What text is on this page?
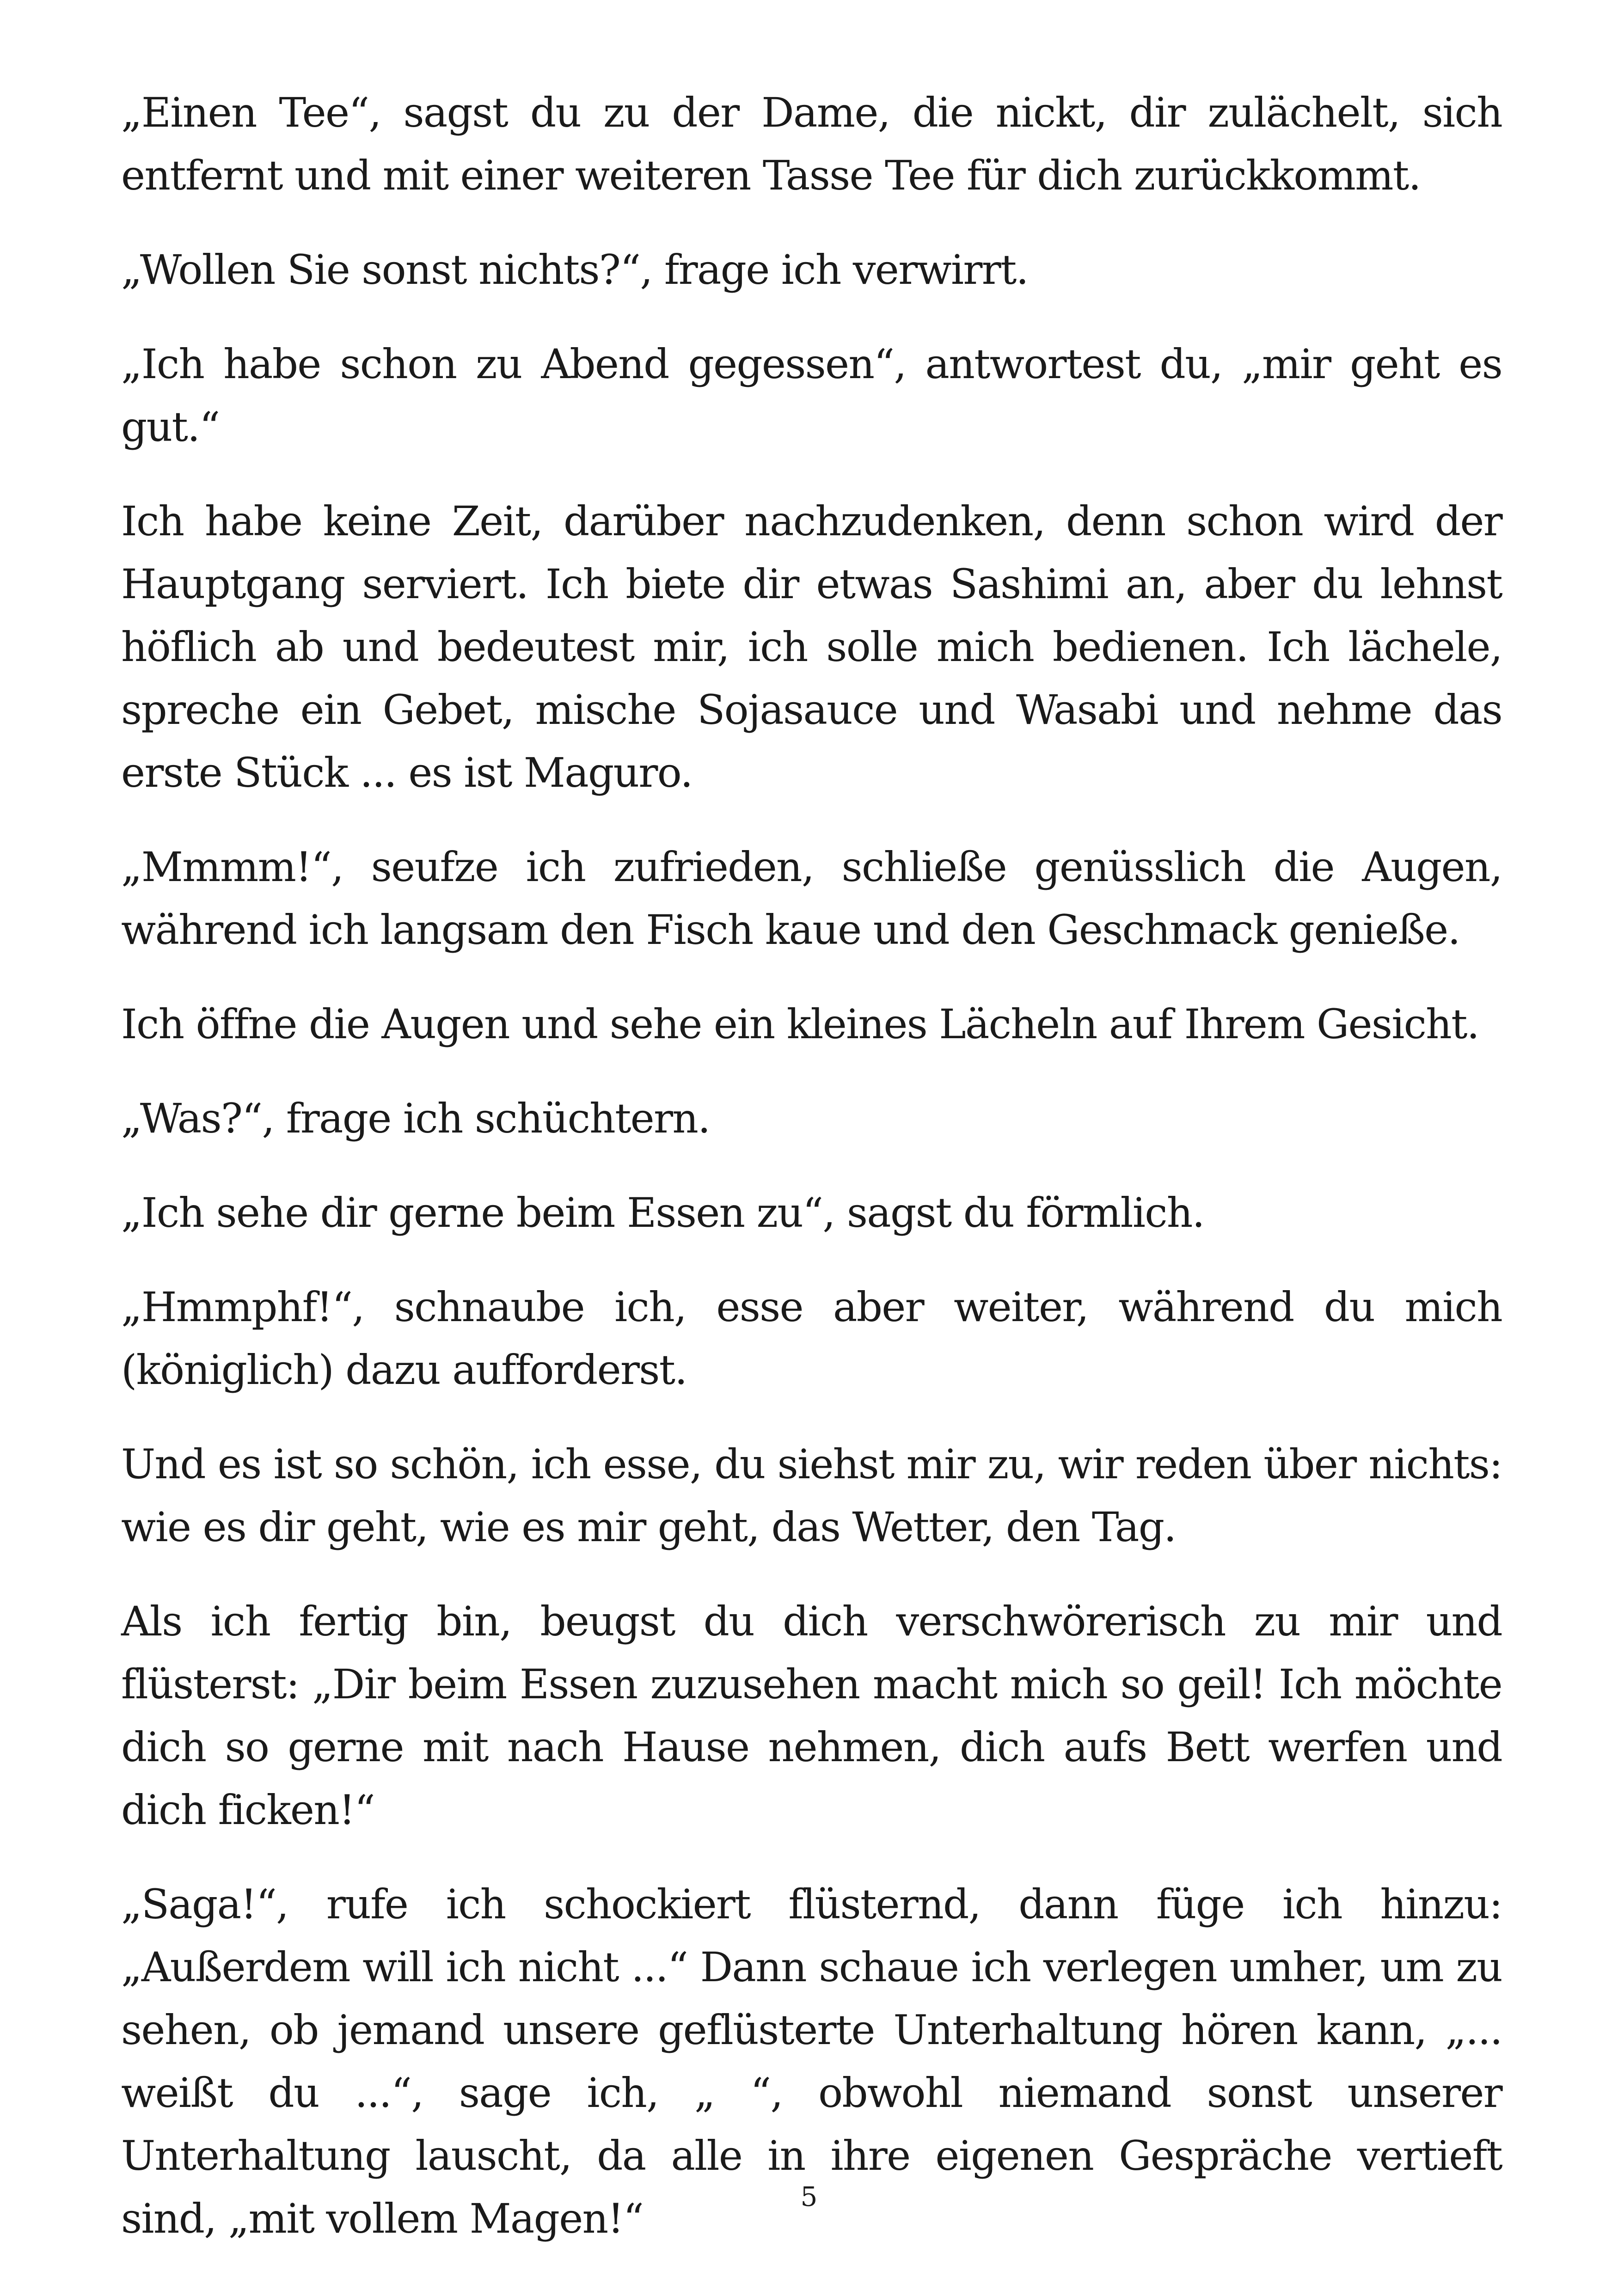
„Einen Tee“, sagst du zu der Dame, die nickt, dir zulächelt, sich entfernt und mit einer weiteren Tasse Tee für dich zurückkommt.

„Wollen Sie sonst nichts?“, frage ich verwirrt.

„Ich habe schon zu Abend gegessen“, antwortest du, „mir geht es gut.“

Ich habe keine Zeit, darüber nachzudenken, denn schon wird der Hauptgang serviert. Ich biete dir etwas Sashimi an, aber du lehnst höflich ab und bedeutest mir, ich solle mich bedienen. Ich lächele, spreche ein Gebet, mische Sojasauce und Wasabi und nehme das erste Stück ... es ist Maguro.

„Mmmm!“, seufze ich zufrieden, schließe genüsslich die Augen, während ich langsam den Fisch kaue und den Geschmack genieße.

Ich öffne die Augen und sehe ein kleines Lächeln auf Ihrem Gesicht.

„Was?“, frage ich schüchtern.

„Ich sehe dir gerne beim Essen zu“, sagst du förmlich.

„Hmmphf!“, schnaube ich, esse aber weiter, während du mich (königlich) dazu aufforderst.

Und es ist so schön, ich esse, du siehst mir zu, wir reden über nichts: wie es dir geht, wie es mir geht, das Wetter, den Tag.

Als ich fertig bin, beugst du dich verschwörerisch zu mir und flüsterst: „Dir beim Essen zuzusehen macht mich so geil! Ich möchte dich so gerne mit nach Hause nehmen, dich aufs Bett werfen und dich ficken!“

„Saga!“, rufe ich schockiert flüsternd, dann füge ich hinzu: „Außerdem will ich nicht ...“ Dann schaue ich verlegen umher, um zu sehen, ob jemand unsere geflüsterte Unterhaltung hören kann, „... weißt du ...“, sage ich, „ “, obwohl niemand sonst unserer Unterhaltung lauscht, da alle in ihre eigenen Gespräche vertieft sind, „mit vollem Magen!“	5
